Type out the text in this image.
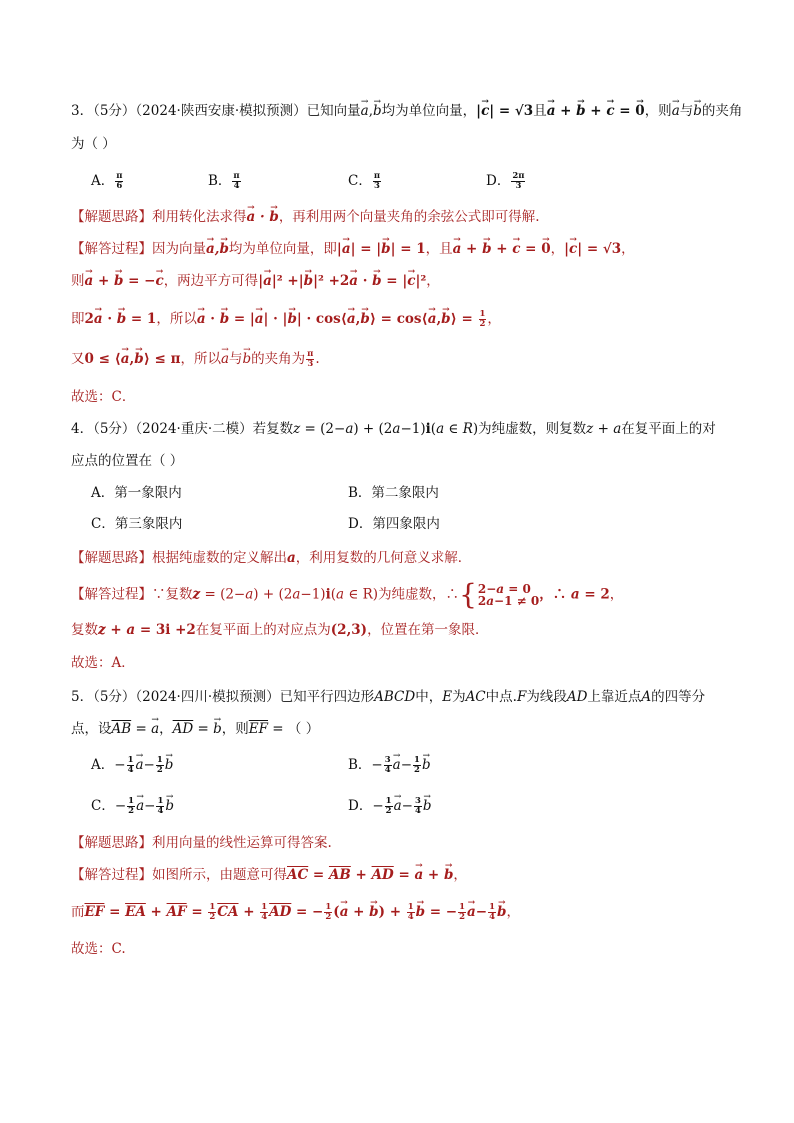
3．（5分）（2024·陕西安康·模拟预测）已知向量→ a,→ b均为单位向量，|→ c| = √3且→ a + → b + → c = → 0，则→ a与→ b的夹角
为（ ）
A． $\frac{\pi}{6}$	B． $\frac{\pi}{4}$	C． $\frac{\pi}{3}$	D． $\frac{2\pi}{3}$
【解题思路】利用转化法求得→ a · → b，再利用两个向量夹角的余弦公式即可得解.
【解答过程】因为向量→ a,→ b均为单位向量，即|→ a| = |→ b| = 1，且→ a + → b + → c = → 0，|→ c| = √3，
则→ a + → b = −→ c，两边平方可得|→ a|² +|→ b|² +2→ a · → b = |→ c|²，
即2→ a · → b = 1，所以→ a · → b = |→ a| · |→ b| · cos⟨→ a,→ b⟩ = cos⟨→ a,→ b⟩ = $\frac{1}{2}$ ，
又0 ≤ ⟨→ a,→ b⟩ ≤ π，所以→ a与→ b的夹角为 $\frac{\pi}{3}$ .
故选：C．
4．（5分）（2024·重庆·二模）若复数z = (2−a) + (2a−1)i(a ∈ R)为纯虚数，则复数z + a在复平面上的对
应点的位置在（ ）
A．第一象限内	B．第二象限内
C．第三象限内	D．第四象限内
【解题思路】根据纯虚数的定义解出a，利用复数的几何意义求解．
【解答过程】∵复数z = (2−a) + (2a−1)i(a ∈ R)为纯虚数，∴ { 2−a = 0
2a−1 ≠ 0 ，∴ a = 2，
复数z + a = 3i +2在复平面上的对应点为(2,3)，位置在第一象限．
故选：A．
5．（5分）（2024·四川·模拟预测）已知平行四边形ABCD中，E为AC中点.F为线段AD上靠近点A的四等分
点，设$\overline{AB}$ = → a，$\overline{AD}$ = → b，则$\overline{EF}$ = （ ）
A．− $\frac{1}{4} \to a- \frac{1}{2} \to b$	B．− $\frac{3}{4} \to a- \frac{1}{2} \to b$
C．− $\frac{1}{2} \to a- \frac{1}{4} \to b$	D．− $\frac{1}{2} \to a- \frac{3}{4} \to b$
【解题思路】利用向量的线性运算可得答案.
【解答过程】如图所示，由题意可得$\overline{AC} = \overline{AB} + \overline{AD}$ = → a + → b，
而$\overline{EF} = \overline{EA} + \overline{AF} = \frac{1}{2} \overline{CA} + \frac{1}{4} \overline{AD}$ = − $\frac{1}{2}$ (→ a + → $b) + \frac{1}{4} \to b$ = − $\frac{1}{2} \to a- \frac{1}{4} \to b$，
故选：C.
